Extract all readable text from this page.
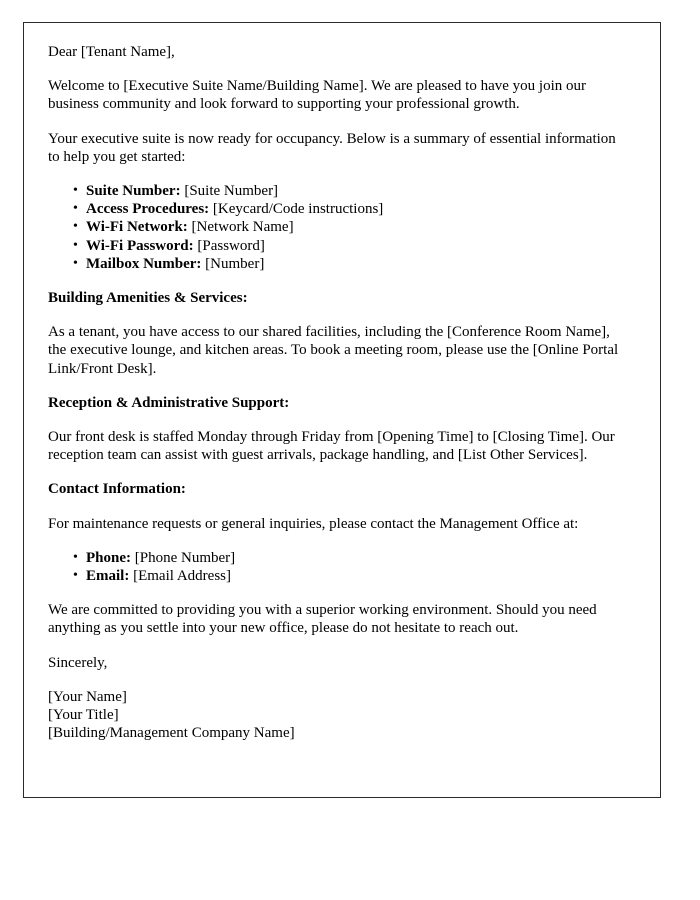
Dear [Tenant Name],

Welcome to [Executive Suite Name/Building Name]. We are pleased to have you join our business community and look forward to supporting your professional growth.

Your executive suite is now ready for occupancy. Below is a summary of essential information to help you get started:

• Suite Number: [Suite Number]
• Access Procedures: [Keycard/Code instructions]
• Wi-Fi Network: [Network Name]
• Wi-Fi Password: [Password]
• Mailbox Number: [Number]

Building Amenities & Services:

As a tenant, you have access to our shared facilities, including the [Conference Room Name], the executive lounge, and kitchen areas. To book a meeting room, please use the [Online Portal Link/Front Desk].

Reception & Administrative Support:

Our front desk is staffed Monday through Friday from [Opening Time] to [Closing Time]. Our reception team can assist with guest arrivals, package handling, and [List Other Services].

Contact Information:

For maintenance requests or general inquiries, please contact the Management Office at:

• Phone: [Phone Number]
• Email: [Email Address]

We are committed to providing you with a superior working environment. Should you need anything as you settle into your new office, please do not hesitate to reach out.

Sincerely,

[Your Name]
[Your Title]
[Building/Management Company Name]
